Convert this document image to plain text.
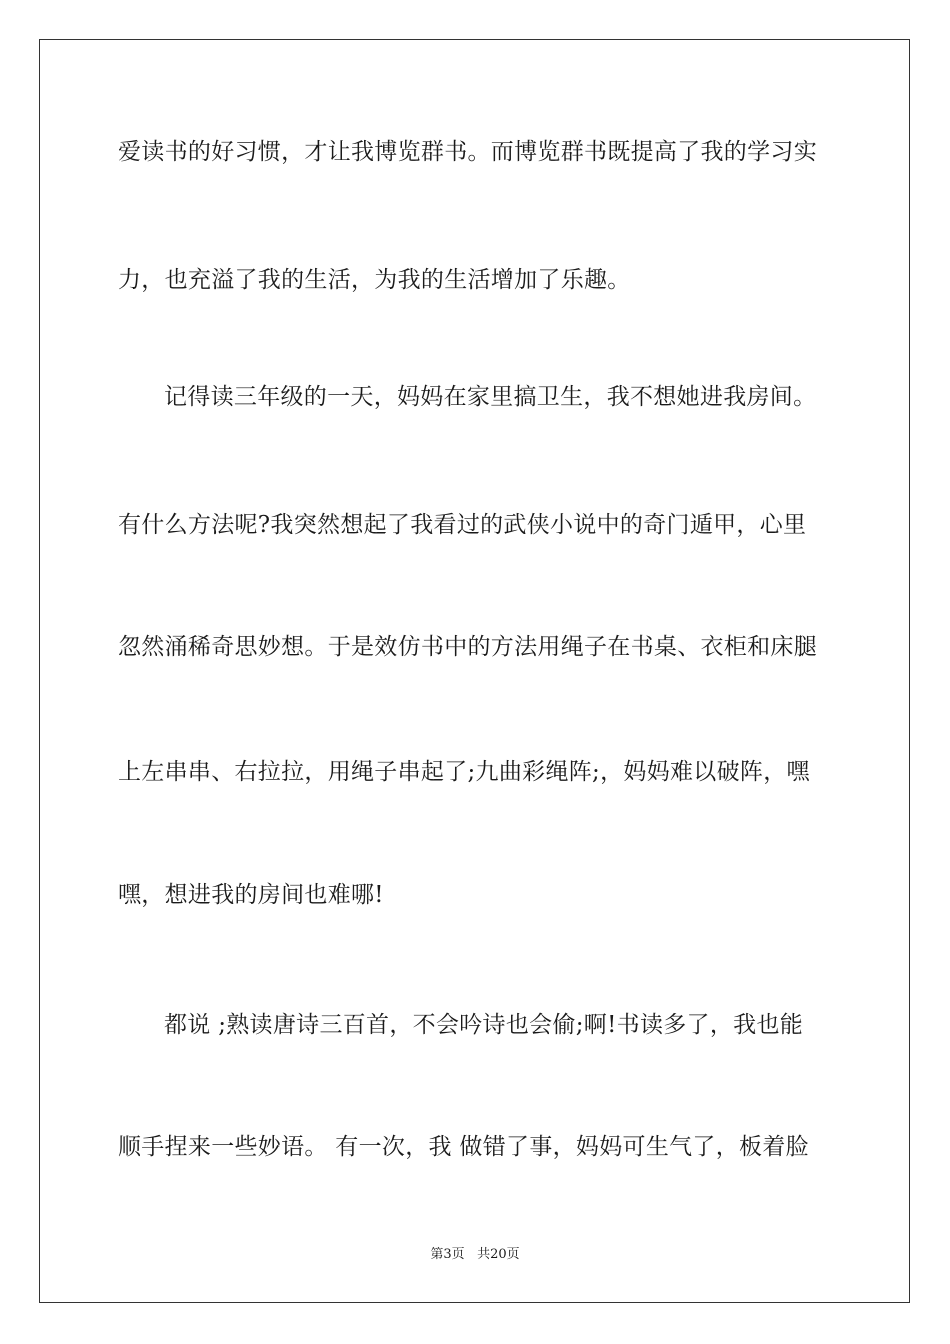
爱读书的好习惯，才让我博览群书。而博览群书既提高了我的学习实
力，也充溢了我的生活，为我的生活增加了乐趣。
记得读三年级的一天，妈妈在家里搞卫生，我不想她进我房间。
有什么方法呢?我突然想起了我看过的武侠小说中的奇门遁甲，心里
忽然涌稀奇思妙想。于是效仿书中的方法用绳子在书桌、衣柜和床腿
上左串串、右拉拉，用绳子串起了;九曲彩绳阵;，妈妈难以破阵，嘿
嘿，想进我的房间也难哪!
都说 ;熟读唐诗三百首，不会吟诗也会偷;啊!书读多了，我也能
顺手捏来一些妙语。 有一次，我 做错了事，妈妈可生气了，板着脸
第3页 共20页
